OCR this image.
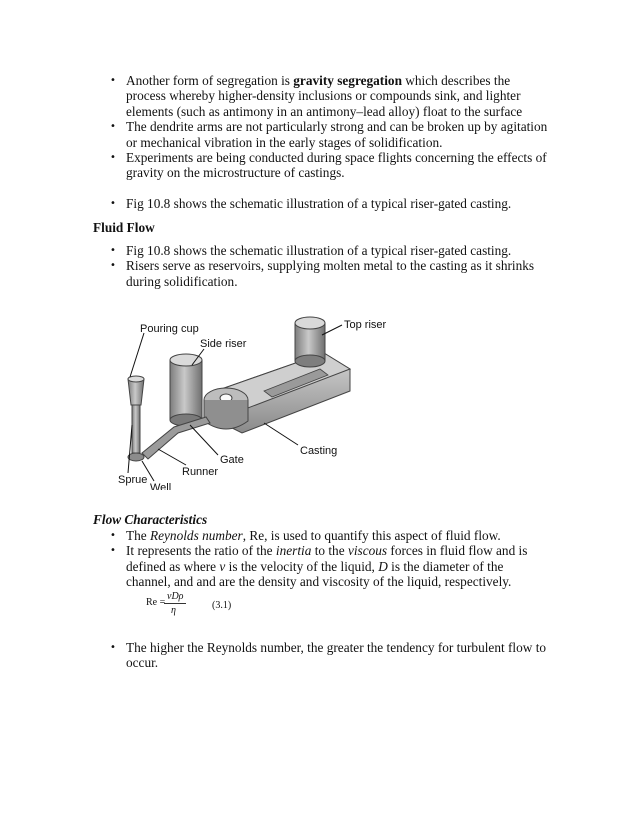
• Another form of segregation is gravity segregation which describes the process whereby higher-density inclusions or compounds sink, and lighter elements (such as antimony in an antimony–lead alloy) float to the surface
• The dendrite arms are not particularly strong and can be broken up by agitation or mechanical vibration in the early stages of solidification.
• Experiments are being conducted during space flights concerning the effects of gravity on the microstructure of castings.
• Fig 10.8 shows the schematic illustration of a typical riser-gated casting.
Fluid Flow
• Fig 10.8 shows the schematic illustration of a typical riser-gated casting.
• Risers serve as reservoirs, supplying molten metal to the casting as it shrinks during solidification.
Pouring cup
Side riser
Top riser
Gate
Casting
Runner
Sprue
Well
Flow Characteristics
• The Reynolds number, Re, is used to quantify this aspect of fluid flow.
• It represents the ratio of the inertia to the viscous forces in fluid flow and is defined as where v is the velocity of the liquid, D is the diameter of the channel, and and are the density and viscosity of the liquid, respectively.
Re =
vDρ
η	(3.1)
• The higher the Reynolds number, the greater the tendency for turbulent flow to occur.
